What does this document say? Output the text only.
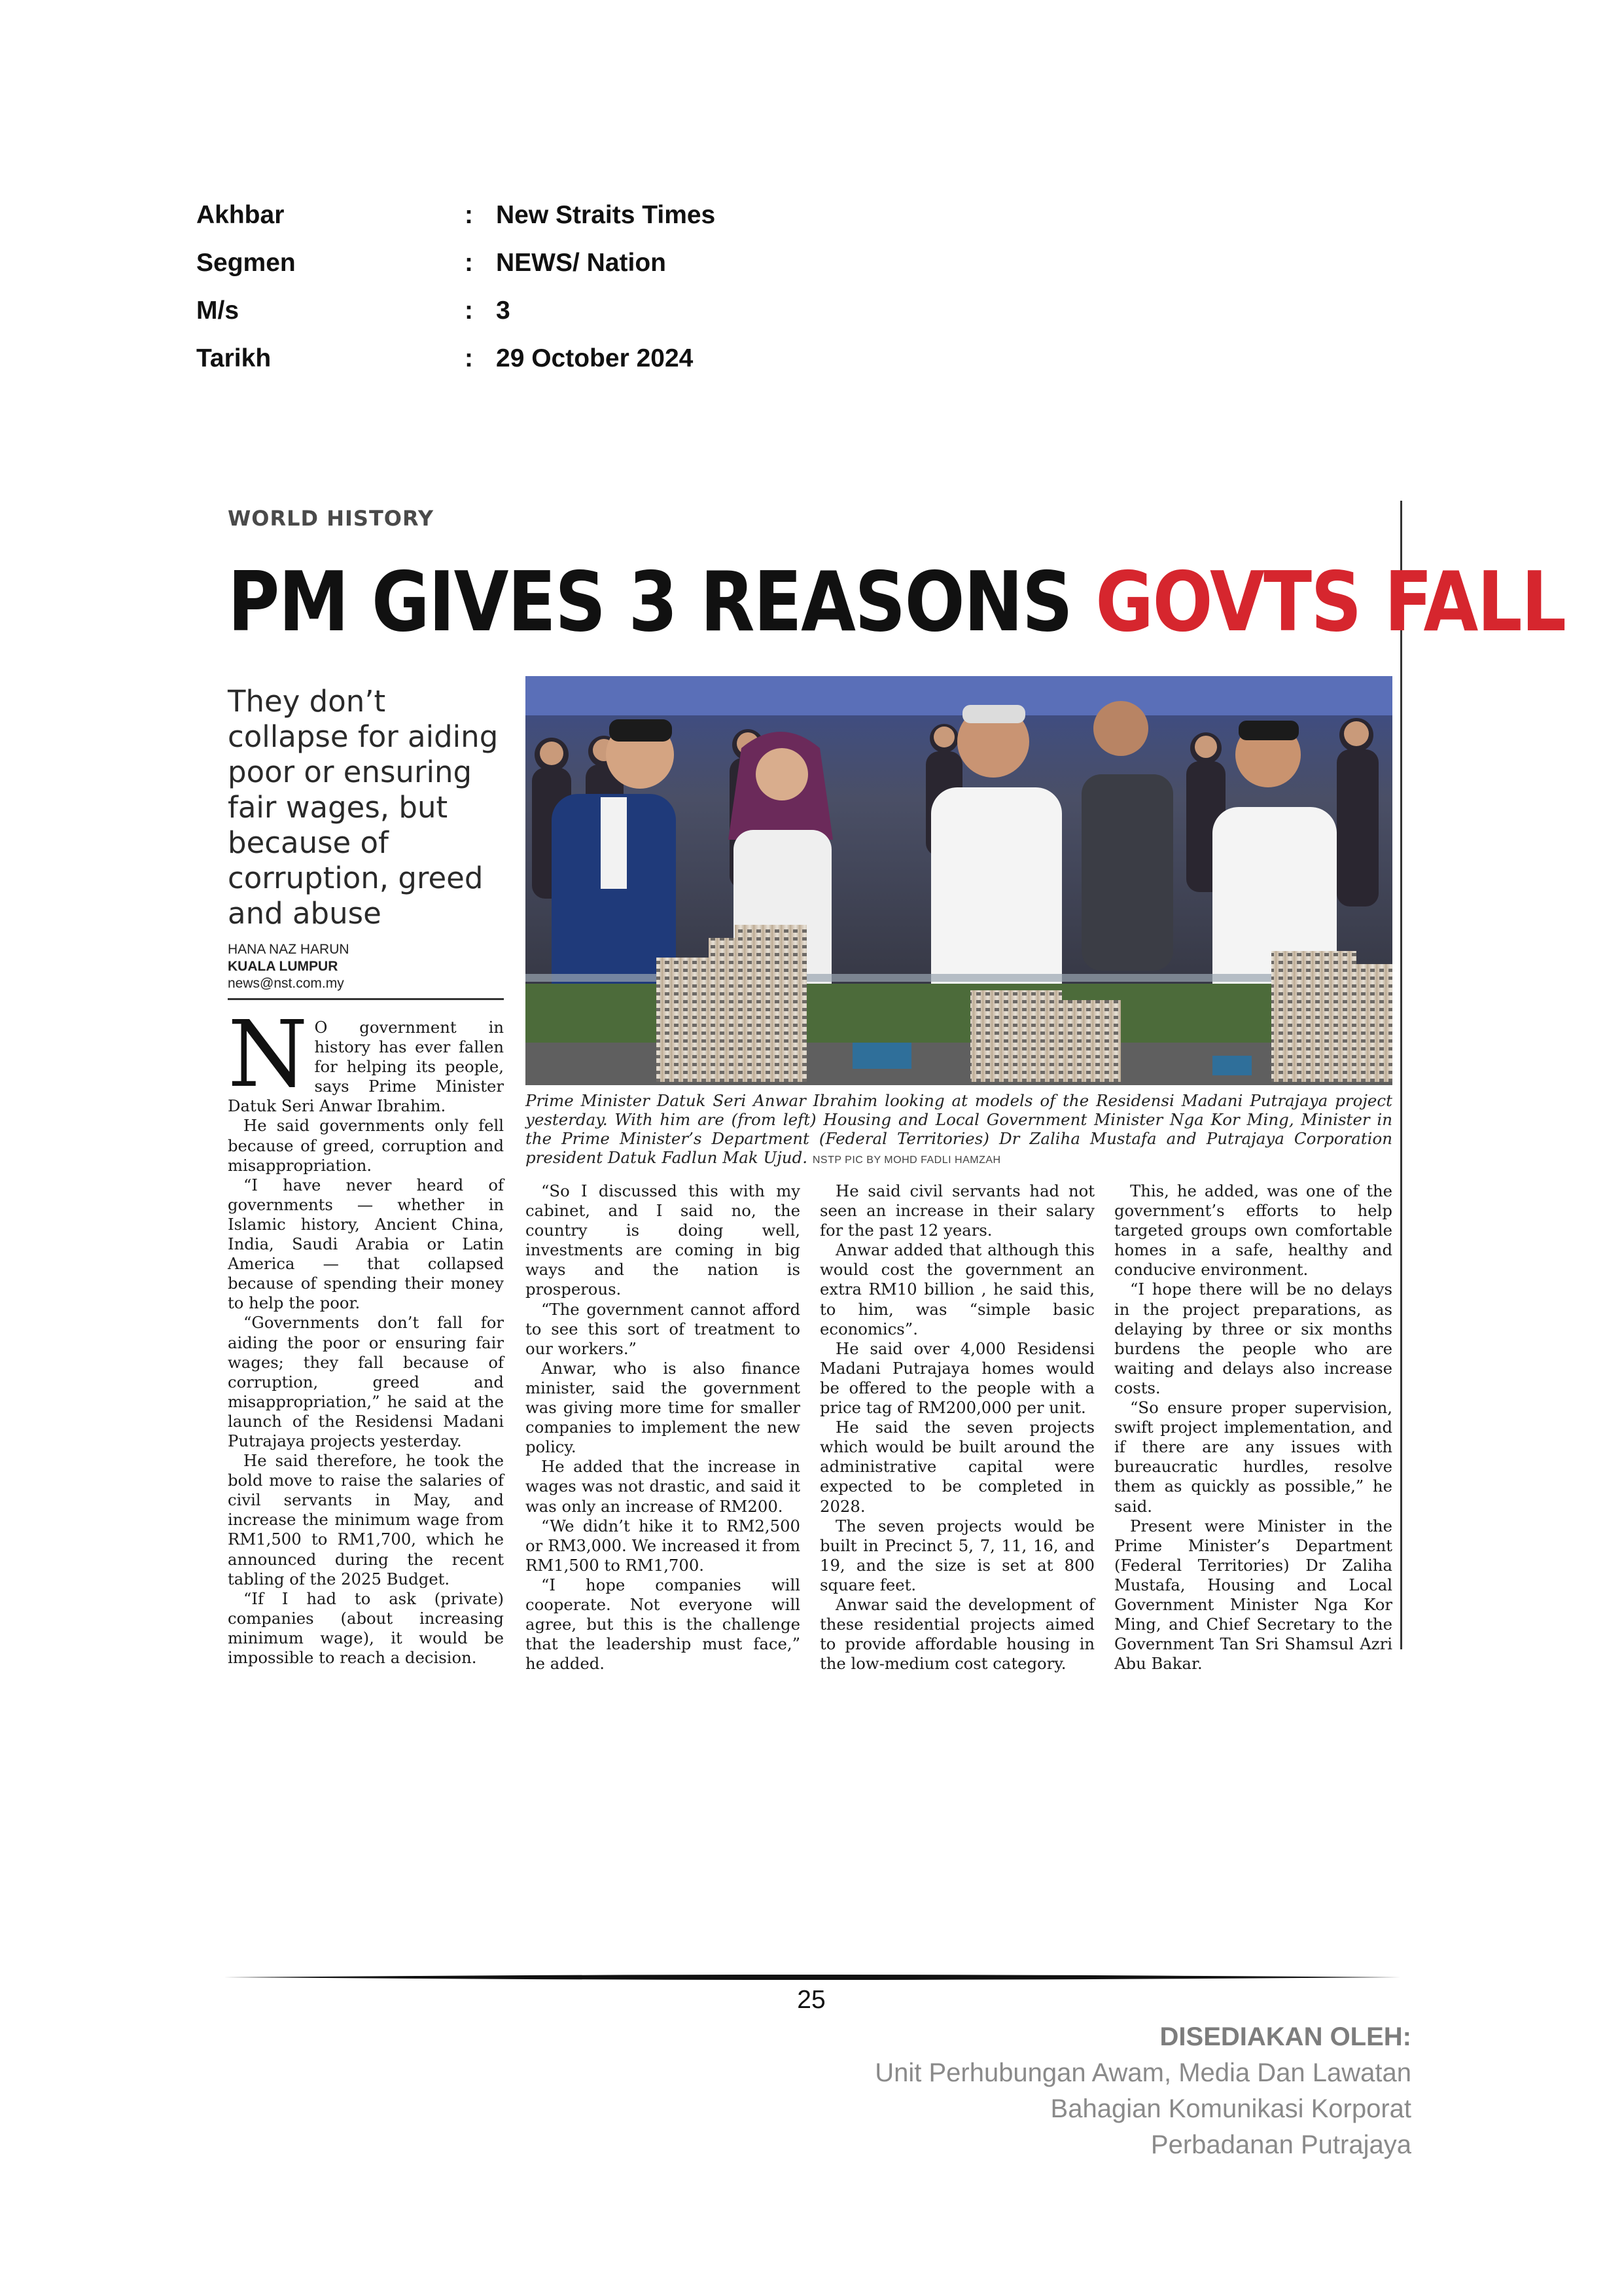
Akhbar	: New Straits Times
Segmen	: NEWS/ Nation
M/s	: 3
Tarikh	: 29 October 2024
WORLD HISTORY
PM GIVES 3 REASONS GOVTS FALL
They don’t collapse for aiding poor or ensuring fair wages, but because of corruption, greed and abuse
HANA NAZ HARUN
KUALA LUMPUR
news@nst.com.my
Prime Minister Datuk Seri Anwar Ibrahim looking at models of the Residensi Madani Putrajaya project yesterday. With him are (from left) Housing and Local Government Minister Nga Kor Ming, Minister in the Prime Minister’s Department (Federal Territories) Dr Zaliha Mustafa and Putrajaya Corporation president Datuk Fadlun Mak Ujud. NSTP PIC BY MOHD FADLI HAMZAH

N O government in history has ever fallen for helping its people, says Prime Minister Datuk Seri Anwar Ibrahim.

He said governments only fell because of greed, corruption and misappropriation.

“I have never heard of governments — whether in Islamic history, Ancient China, India, Saudi Arabia or Latin America — that collapsed because of spending their money to help the poor.

“Governments don’t fall for aiding the poor or ensuring fair wages; they fall because of corruption, greed and misappropriation,” he said at the launch of the Residensi Madani Putrajaya projects yesterday.

He said therefore, he took the bold move to raise the salaries of civil servants in May, and increase the minimum wage from RM1,500 to RM1,700, which he announced during the recent tabling of the 2025 Budget.

“If I had to ask (private) companies (about increasing minimum wage), it would be impossible to reach a decision.

“So I discussed this with my cabinet, and I said no, the country is doing well, investments are coming in big ways and the nation is prosperous.

“The government cannot afford to see this sort of treatment to our workers.”

Anwar, who is also finance minister, said the government was giving more time for smaller companies to implement the new policy.

He added that the increase in wages was not drastic, and said it was only an increase of RM200.

“We didn’t hike it to RM2,500 or RM3,000. We increased it from RM1,500 to RM1,700.

“I hope companies will cooperate. Not everyone will agree, but this is the challenge that the leadership must face,” he added.

He said civil servants had not seen an increase in their salary for the past 12 years.

Anwar added that although this would cost the government an extra RM10 billion , he said this, to him, was “simple basic economics”.

He said over 4,000 Residensi Madani Putrajaya homes would be offered to the people with a price tag of RM200,000 per unit.

He said the seven projects which would be built around the administrative capital were expected to be completed in 2028.

The seven projects would be built in Precinct 5, 7, 11, 16, and 19, and the size is set at 800 square feet.

Anwar said the development of these residential projects aimed to provide affordable housing in the low-medium cost category.

This, he added, was one of the government’s efforts to help targeted groups own comfortable homes in a safe, healthy and conducive environment.

“I hope there will be no delays in the project preparations, as delaying by three or six months burdens the people who are waiting and delays also increase costs.

“So ensure proper supervision, swift project implementation, and if there are any issues with bureaucratic hurdles, resolve them as quickly as possible,” he said.

Present were Minister in the Prime Minister’s Department (Federal Territories) Dr Zaliha Mustafa, Housing and Local Government Minister Nga Kor Ming, and Chief Secretary to the Government Tan Sri Shamsul Azri Abu Bakar.

25
DISEDIAKAN OLEH:
Unit Perhubungan Awam, Media Dan Lawatan
Bahagian Komunikasi Korporat
Perbadanan Putrajaya
